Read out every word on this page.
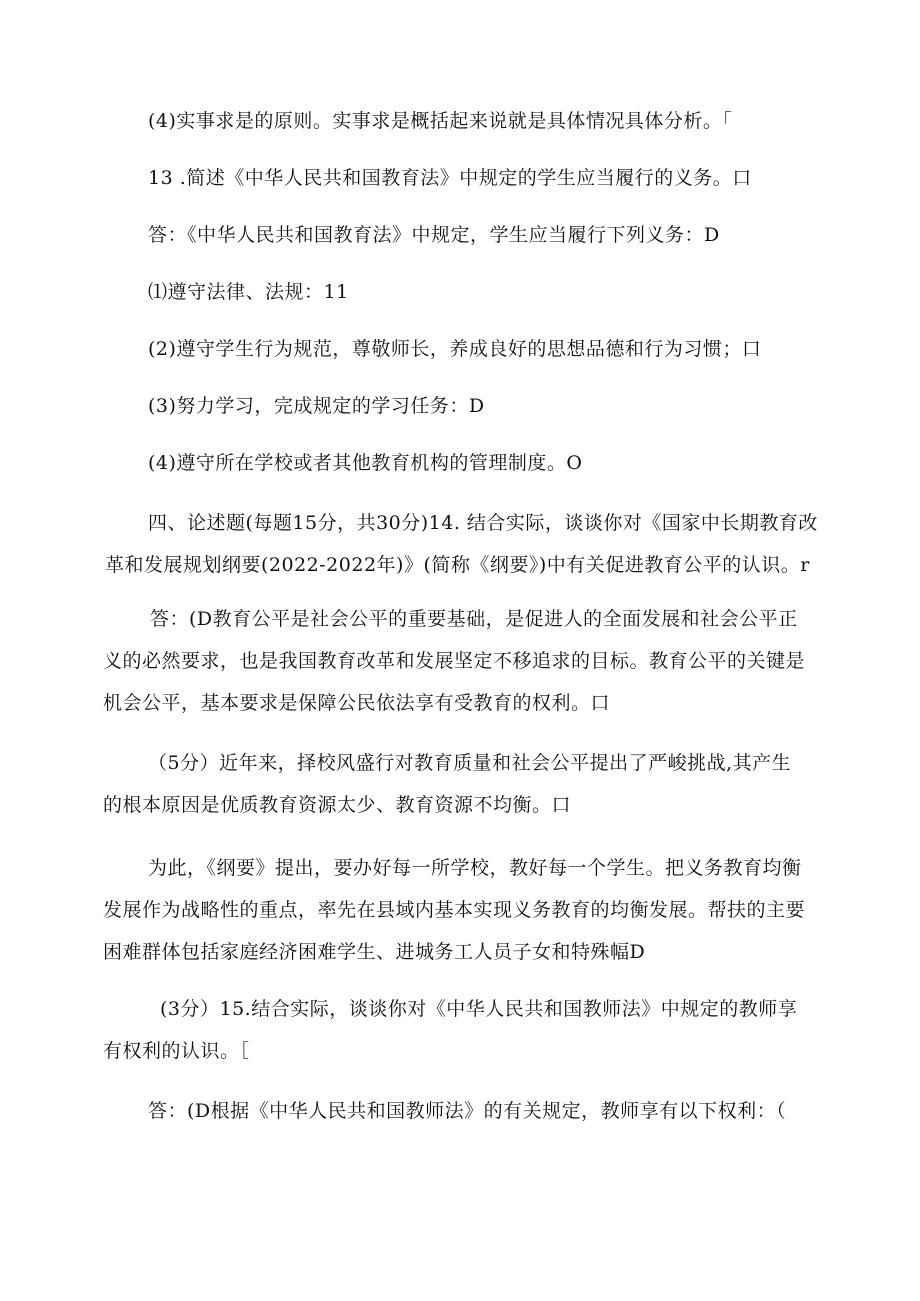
(4)实事求是的原则。实事求是概括起来说就是具体情况具体分析。「

13 .简述《中华人民共和国教育法》中规定的学生应当履行的义务。口

答：《中华人民共和国教育法》中规定，学生应当履行下列义务：D

⑴遵守法律、法规：11

(2)遵守学生行为规范，尊敬师长，养成良好的思想品德和行为习惯；口

(3)努力学习，完成规定的学习任务：D

(4)遵守所在学校或者其他教育机构的管理制度。O

四、论述题(每题15分，共30分)14. 结合实际，谈谈你对《国家中长期教育改
革和发展规划纲要(2022-2022年)》(简称《纲要》)中有关促进教育公平的认识。r
答：(D教育公平是社会公平的重要基础，是促进人的全面发展和社会公平正
义的必然要求，也是我国教育改革和发展坚定不移追求的目标。教育公平的关键是
机会公平，基本要求是保障公民依法享有受教育的权利。口
（5分）近年来，择校风盛行对教育质量和社会公平提出了严峻挑战,其产生
的根本原因是优质教育资源太少、教育资源不均衡。口
为此，《纲要》提出，要办好每一所学校，教好每一个学生。把义务教育均衡
发展作为战略性的重点，率先在县域内基本实现义务教育的均衡发展。帮扶的主要
困难群体包括家庭经济困难学生、进城务工人员子女和特殊幅D
(3分）15.结合实际，谈谈你对《中华人民共和国教师法》中规定的教师享
有权利的认识。［

答：(D根据《中华人民共和国教师法》的有关规定，教师享有以下权利：（
